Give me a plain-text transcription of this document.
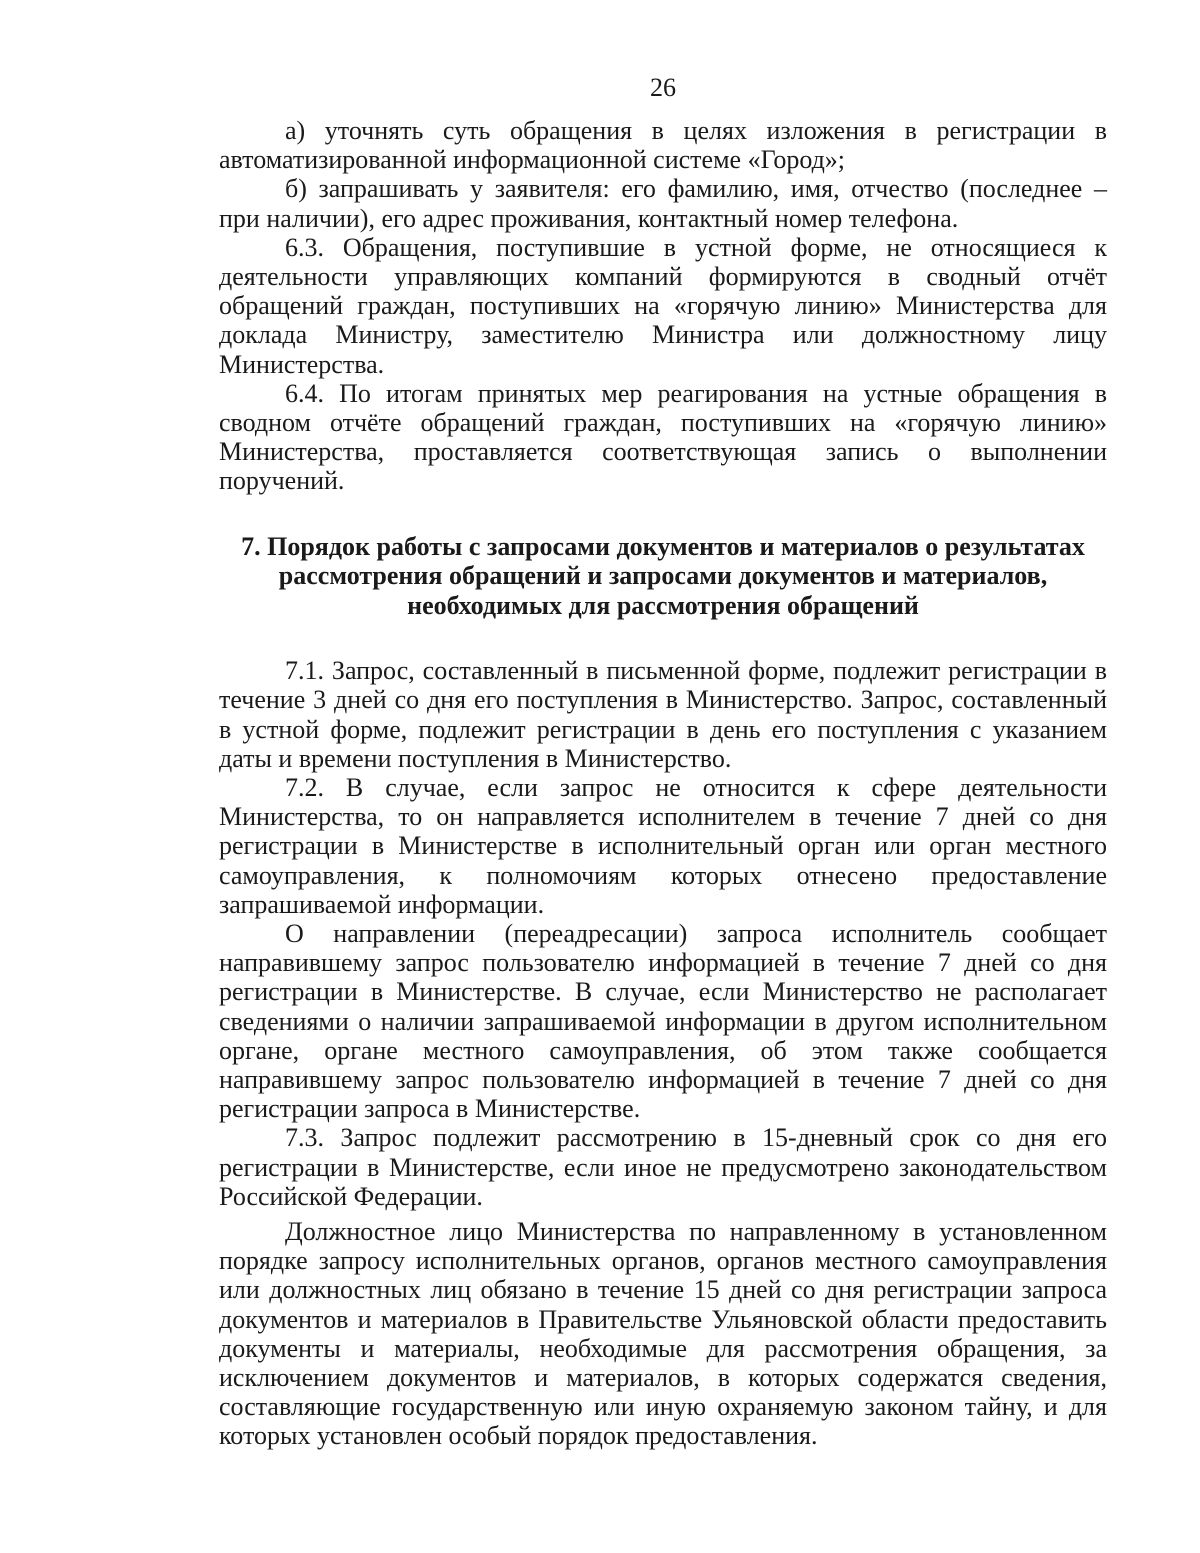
26

а) уточнять суть обращения в целях изложения в регистрации в автоматизированной информационной системе «Город»;

б) запрашивать у заявителя: его фамилию, имя, отчество (последнее – при наличии), его адрес проживания, контактный номер телефона.

6.3. Обращения, поступившие в устной форме, не относящиеся к деятельности управляющих компаний формируются в сводный отчёт обращений граждан, поступивших на «горячую линию» Министерства для доклада Министру, заместителю Министра или должностному лицу Министерства.

6.4. По итогам принятых мер реагирования на устные обращения в сводном отчёте обращений граждан, поступивших на «горячую линию» Министерства, проставляется соответствующая запись о выполнении поручений.

7. Порядок работы с запросами документов и материалов о результатах
рассмотрения обращений и запросами документов и материалов,
необходимых для рассмотрения обращений

7.1. Запрос, составленный в письменной форме, подлежит регистрации в течение 3 дней со дня его поступления в Министерство. Запрос, составленный в устной форме, подлежит регистрации в день его поступления с указанием даты и времени поступления в Министерство.

7.2. В случае, если запрос не относится к сфере деятельности Министерства, то он направляется исполнителем в течение 7 дней со дня регистрации в Министерстве в исполнительный орган или орган местного самоуправления, к полномочиям которых отнесено предоставление запрашиваемой информации.

О направлении (переадресации) запроса исполнитель сообщает направившему запрос пользователю информацией в течение 7 дней со дня регистрации в Министерстве. В случае, если Министерство не располагает сведениями о наличии запрашиваемой информации в другом исполнительном органе, органе местного самоуправления, об этом также сообщается направившему запрос пользователю информацией в течение 7 дней со дня регистрации запроса в Министерстве.

7.3. Запрос подлежит рассмотрению в 15-дневный срок со дня его регистрации в Министерстве, если иное не предусмотрено законодательством Российской Федерации.

Должностное лицо Министерства по направленному в установленном порядке запросу исполнительных органов, органов местного самоуправления или должностных лиц обязано в течение 15 дней со дня регистрации запроса документов и материалов в Правительстве Ульяновской области предоставить документы и материалы, необходимые для рассмотрения обращения, за исключением документов и материалов, в которых содержатся сведения, составляющие государственную или иную охраняемую законом тайну, и для которых установлен особый порядок предоставления.
